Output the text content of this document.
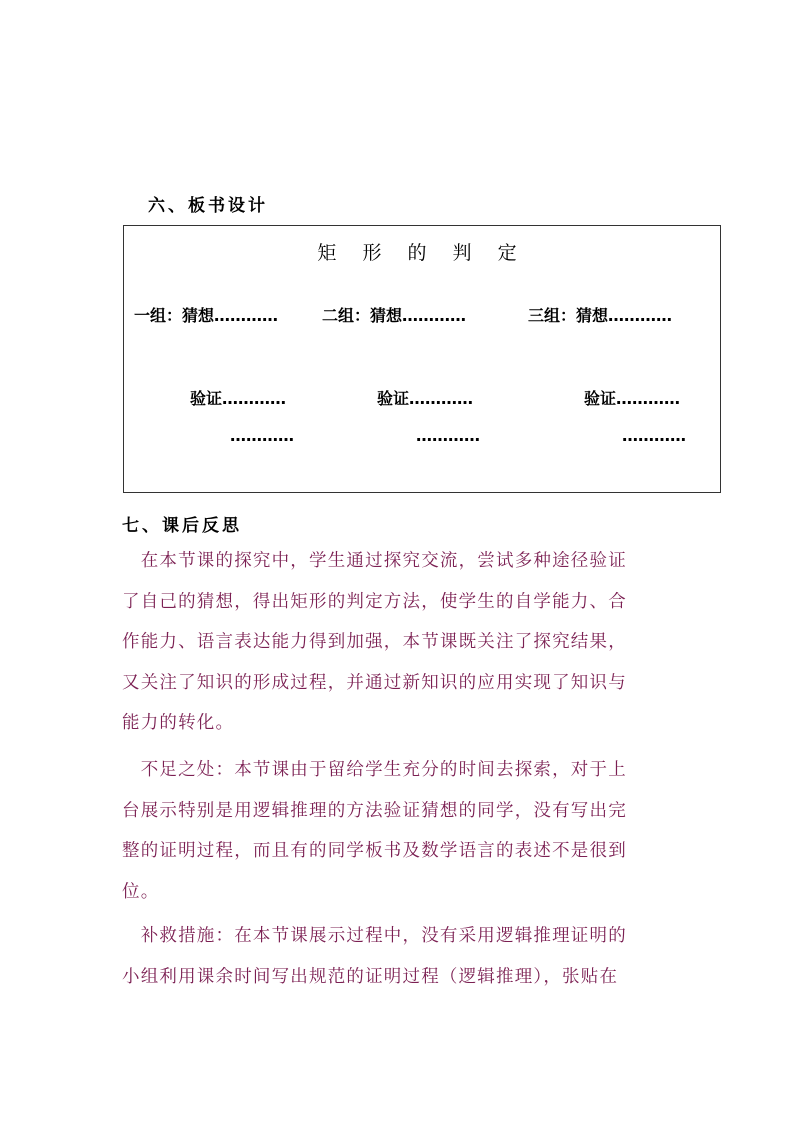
六、板书设计
矩 形 的 判 定
一组：猜想…………	二组：猜想…………	三组：猜想…………
验证…………	验证…………	验证…………
…………	…………	…………
七、课后反思
　在本节课的探究中，学生通过探究交流，尝试多种途径验证
了自己的猜想，得出矩形的判定方法，使学生的自学能力、合
作能力、语言表达能力得到加强，本节课既关注了探究结果，
又关注了知识的形成过程，并通过新知识的应用实现了知识与
能力的转化。
　不足之处：本节课由于留给学生充分的时间去探索，对于上
台展示特别是用逻辑推理的方法验证猜想的同学，没有写出完
整的证明过程，而且有的同学板书及数学语言的表述不是很到
位。
　补救措施：在本节课展示过程中，没有采用逻辑推理证明的
小组利用课余时间写出规范的证明过程（逻辑推理），张贴在
